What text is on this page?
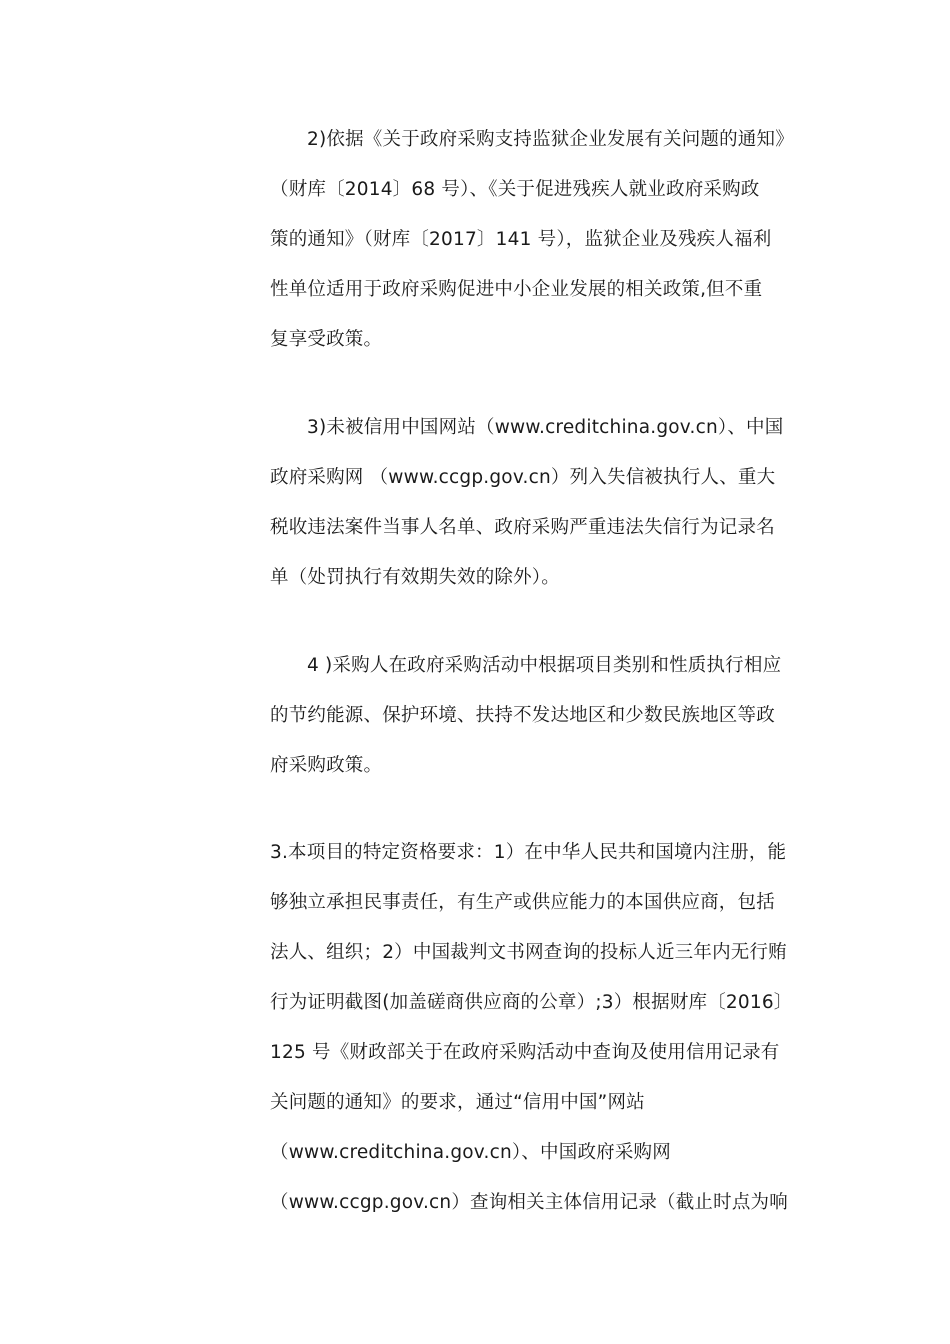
2)依据《关于政府采购支持监狱企业发展有关问题的通知》
（财库〔2014〕68 号）、《关于促进残疾人就业政府采购政
策的通知》（财库〔2017〕141 号），监狱企业及残疾人福利
性单位适用于政府采购促进中小企业发展的相关政策,但不重
复享受政策。
3)未被信用中国网站（www.creditchina.gov.cn）、中国
政府采购网 （www.ccgp.gov.cn）列入失信被执行人、重大
税收违法案件当事人名单、政府采购严重违法失信行为记录名
单（处罚执行有效期失效的除外）。
4 )采购人在政府采购活动中根据项目类别和性质执行相应
的节约能源、保护环境、扶持不发达地区和少数民族地区等政
府采购政策。
3.本项目的特定资格要求：1）在中华人民共和国境内注册，能
够独立承担民事责任，有生产或供应能力的本国供应商，包括
法人、组织；2）中国裁判文书网查询的投标人近三年内无行贿
行为证明截图(加盖磋商供应商的公章）;3）根据财库〔2016〕
125 号《财政部关于在政府采购活动中查询及使用信用记录有
关问题的通知》的要求，通过“信用中国”网站
（www.creditchina.gov.cn）、中国政府采购网
（www.ccgp.gov.cn）查询相关主体信用记录（截止时点为响
